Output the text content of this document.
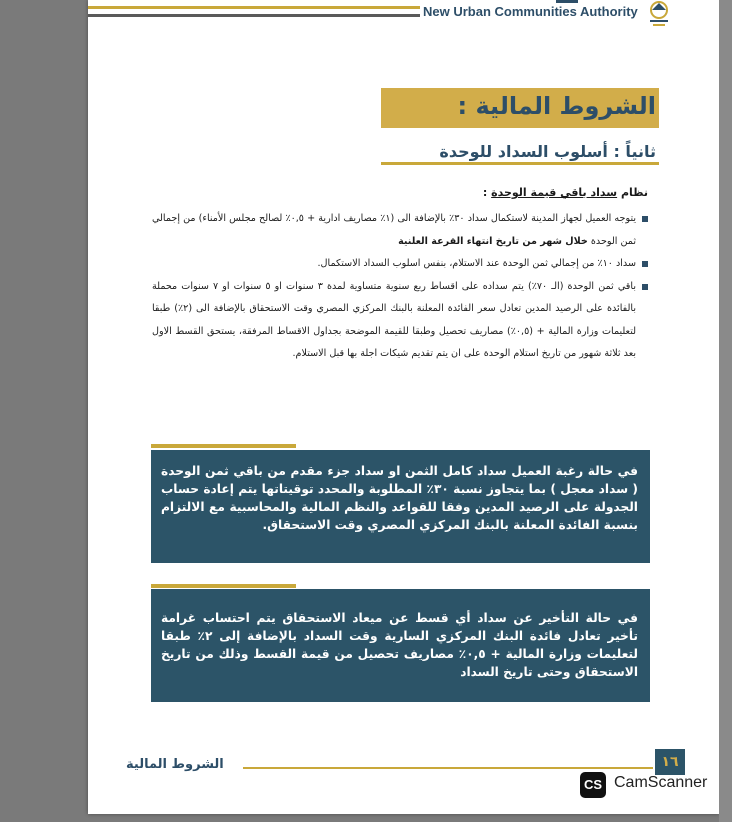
New Urban Communities Authority
الشروط المالية :
ثانياً : أسلوب السداد للوحدة
نظام سداد باقي قيمة الوحدة :
يتوجه العميل لجهاز المدينة لاستكمال سداد ٣٠٪ بالإضافة الى (١٪ مصاريف ادارية + ٠,٥٪ لصالح مجلس الأمناء) من إجمالي ثمن الوحدة خلال شهر من تاريخ انتهاء القرعة العلنية
سداد ١٠٪ من إجمالي ثمن الوحدة عند الاستلام، بنفس اسلوب السداد الاستكمال.
باقي ثمن الوحدة (الـ ٧٠٪) يتم سداده على اقساط ربع سنوية متساوية لمدة ٣ سنوات او ٥ سنوات او ٧ سنوات محملة بالفائدة على الرصيد المدين تعادل سعر الفائدة المعلنة بالبنك المركزي المصري وقت الاستحقاق بالإضافة الى (٢٪) طبقا لتعليمات وزارة المالية + (٠,٥٪) مصاريف تحصيل وطبقا للقيمة الموضحة بجداول الاقساط المرفقة، يستحق القسط الاول بعد ثلاثة شهور من تاريخ استلام الوحدة على ان يتم تقديم شيكات اجلة بها قبل الاستلام.
في حالة رغبة العميل سداد كامل الثمن او سداد جزء مقدم من باقي ثمن الوحدة ( سداد معجل ) بما يتجاوز نسبة ٣٠٪ المطلوبة والمحدد توقيتاتها يتم إعادة حساب الجدولة على الرصيد المدين وفقا للقواعد والنظم المالية والمحاسبية مع الالتزام بنسبة الفائدة المعلنة بالبنك المركزي المصري وقت الاستحقاق.
في حالة التأخير عن سداد أي قسط عن ميعاد الاستحقاق يتم احتساب غرامة تأخير تعادل فائدة البنك المركزي السارية وقت السداد بالإضافة إلى ٢٪ طبقا لتعليمات وزارة المالية + ٠,٥٪ مصاريف تحصيل من قيمة القسط وذلك من تاريخ الاستحقاق وحتى تاريخ السداد
الشروط المالية	١٦
CS CamScanner
